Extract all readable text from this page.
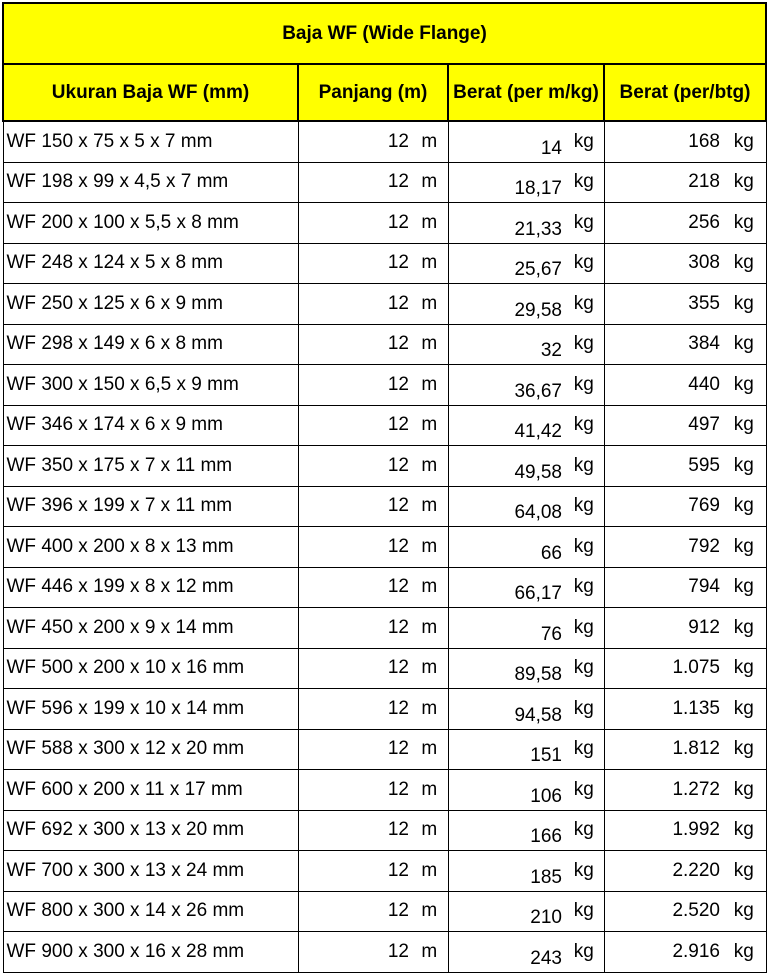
Baja WF (Wide Flange)						
Ukuran Baja WF (mm)	Panjang (m)		Berat (per m/kg)		Berat (per/btg)	
WF 150 x 75 x 5 x 7 mm	12	m	14	kg	168	kg
WF 198 x 99 x 4,5 x 7 mm	12	m	18,17	kg	218	kg
WF 200 x 100 x 5,5 x 8 mm	12	m	21,33	kg	256	kg
WF 248 x 124 x 5 x 8 mm	12	m	25,67	kg	308	kg
WF 250 x 125 x 6 x 9 mm	12	m	29,58	kg	355	kg
WF 298 x 149 x 6 x 8 mm	12	m	32	kg	384	kg
WF 300 x 150 x 6,5 x 9 mm	12	m	36,67	kg	440	kg
WF 346 x 174 x 6 x 9 mm	12	m	41,42	kg	497	kg
WF 350 x 175 x 7 x 11 mm	12	m	49,58	kg	595	kg
WF 396 x 199 x 7 x 11 mm	12	m	64,08	kg	769	kg
WF 400 x 200 x 8 x 13 mm	12	m	66	kg	792	kg
WF 446 x 199 x 8 x 12 mm	12	m	66,17	kg	794	kg
WF 450 x 200 x 9 x 14 mm	12	m	76	kg	912	kg
WF 500 x 200 x 10 x 16 mm	12	m	89,58	kg	1.075	kg
WF 596 x 199 x 10 x 14 mm	12	m	94,58	kg	1.135	kg
WF 588 x 300 x 12 x 20 mm	12	m	151	kg	1.812	kg
WF 600 x 200 x 11 x 17 mm	12	m	106	kg	1.272	kg
WF 692 x 300 x 13 x 20 mm	12	m	166	kg	1.992	kg
WF 700 x 300 x 13 x 24 mm	12	m	185	kg	2.220	kg
WF 800 x 300 x 14 x 26 mm	12	m	210	kg	2.520	kg
WF 900 x 300 x 16 x 28 mm	12	m	243	kg	2.916	kg
